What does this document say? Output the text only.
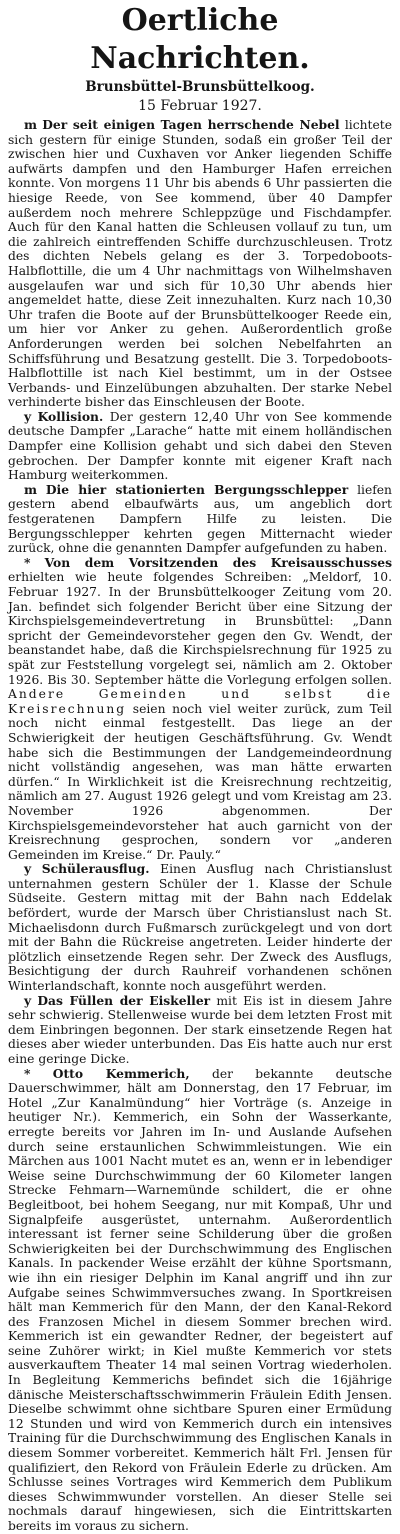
Oertliche Nachrichten.
Brunsbüttel-Brunsbüttelkoog.
15 Februar 1927.

m Der seit einigen Tagen herrschende Nebel lichtete sich gestern für einige Stunden, sodaß ein großer Teil der zwischen hier und Cuxhaven vor Anker liegenden Schiffe aufwärts dampfen und den Hamburger Hafen erreichen konnte. Von morgens 11 Uhr bis abends 6 Uhr passierten die hiesige Reede, von See kommend, über 40 Dampfer außerdem noch mehrere Schleppzüge und Fischdampfer. Auch für den Kanal hatten die Schleusen vollauf zu tun, um die zahlreich eintreffenden Schiffe durchzuschleusen. Trotz des dichten Nebels gelang es der 3. Torpedoboots-Halbflottille, die um 4 Uhr nachmittags von Wilhelmshaven ausgelaufen war und sich für 10,30 Uhr abends hier angemeldet hatte, diese Zeit innezuhalten. Kurz nach 10,30 Uhr trafen die Boote auf der Brunsbüttelkooger Reede ein, um hier vor Anker zu gehen. Außerordentlich große Anforderungen werden bei solchen Nebelfahrten an Schiffsführung und Besatzung gestellt. Die 3. Torpedoboots-Halbflottille ist nach Kiel bestimmt, um in der Ostsee Verbands- und Einzelübungen abzuhalten. Der starke Nebel verhinderte bisher das Einschleusen der Boote.

y Kollision. Der gestern 12,40 Uhr von See kommende deutsche Dampfer „Larache“ hatte mit einem holländischen Dampfer eine Kollision gehabt und sich dabei den Steven gebrochen. Der Dampfer konnte mit eigener Kraft nach Hamburg weiterkommen.

m Die hier stationierten Bergungsschlepper liefen gestern abend elbaufwärts aus, um angeblich dort festgeratenen Dampfern Hilfe zu leisten. Die Bergungsschlepper kehrten gegen Mitternacht wieder zurück, ohne die genannten Dampfer aufgefunden zu haben.

* Von dem Vorsitzenden des Kreisausschusses erhielten wie heute folgendes Schreiben: „Meldorf, 10. Februar 1927. In der Brunsbüttelkooger Zeitung vom 20. Jan. befindet sich folgender Bericht über eine Sitzung der Kirchspielsgemeindevertretung in Brunsbüttel: „Dann spricht der Gemeindevorsteher gegen den Gv. Wendt, der beanstandet habe, daß die Kirchspielsrechnung für 1925 zu spät zur Feststellung vorgelegt sei, nämlich am 2. Oktober 1926. Bis 30. September hätte die Vorlegung erfolgen sollen. Andere Gemeinden und selbst die Kreisrechnung seien noch viel weiter zurück, zum Teil noch nicht einmal festgestellt. Das liege an der Schwierigkeit der heutigen Geschäftsführung. Gv. Wendt habe sich die Bestimmungen der Landgemeindeordnung nicht vollständig angesehen, was man hätte erwarten dürfen.“ In Wirklichkeit ist die Kreisrechnung rechtzeitig, nämlich am 27. August 1926 gelegt und vom Kreistag am 23. November 1926 abgenommen. Der Kirchspielsgemeindevorsteher hat auch garnicht von der Kreisrechnung gesprochen, sondern vor „anderen Gemeinden im Kreise.“ Dr. Pauly.“

y Schülerausflug. Einen Ausflug nach Christianslust unternahmen gestern Schüler der 1. Klasse der Schule Südseite. Gestern mittag mit der Bahn nach Eddelak befördert, wurde der Marsch über Christianslust nach St. Michaelisdonn durch Fußmarsch zurückgelegt und von dort mit der Bahn die Rückreise angetreten. Leider hinderte der plötzlich einsetzende Regen sehr. Der Zweck des Ausflugs, Besichtigung der durch Rauhreif vorhandenen schönen Winterlandschaft, konnte noch ausgeführt werden.

y Das Füllen der Eiskeller mit Eis ist in diesem Jahre sehr schwierig. Stellenweise wurde bei dem letzten Frost mit dem Einbringen begonnen. Der stark einsetzende Regen hat dieses aber wieder unterbunden. Das Eis hatte auch nur erst eine geringe Dicke.

* Otto Kemmerich, der bekannte deutsche Dauerschwimmer, hält am Donnerstag, den 17 Februar, im Hotel „Zur Kanalmündung“ hier Vorträge (s. Anzeige in heutiger Nr.). Kemmerich, ein Sohn der Wasserkante, erregte bereits vor Jahren im In- und Auslande Aufsehen durch seine erstaunlichen Schwimmleistungen. Wie ein Märchen aus 1001 Nacht mutet es an, wenn er in lebendiger Weise seine Durchschwimmung der 60 Kilometer langen Strecke Fehmarn—Warnemünde schildert, die er ohne Begleitboot, bei hohem Seegang, nur mit Kompaß, Uhr und Signalpfeife ausgerüstet, unternahm. Außerordentlich interessant ist ferner seine Schilderung über die großen Schwierigkeiten bei der Durchschwimmung des Englischen Kanals. In packender Weise erzählt der kühne Sportsmann, wie ihn ein riesiger Delphin im Kanal angriff und ihn zur Aufgabe seines Schwimmversuches zwang. In Sportkreisen hält man Kemmerich für den Mann, der den Kanal-Rekord des Franzosen Michel in diesem Sommer brechen wird. Kemmerich ist ein gewandter Redner, der begeistert auf seine Zuhörer wirkt; in Kiel mußte Kemmerich vor stets ausverkauftem Theater 14 mal seinen Vortrag wiederholen. In Begleitung Kemmerichs befindet sich die 16jährige dänische Meisterschaftsschwimmerin Fräulein Edith Jensen. Dieselbe schwimmt ohne sichtbare Spuren einer Ermüdung 12 Stunden und wird von Kemmerich durch ein intensives Training für die Durchschwimmung des Englischen Kanals in diesem Sommer vorbereitet. Kemmerich hält Frl. Jensen für qualifiziert, den Rekord von Fräulein Ederle zu drücken. Am Schlusse seines Vortrages wird Kemmerich dem Publikum dieses Schwimmwunder vorstellen. An dieser Stelle sei nochmals darauf hingewiesen, sich die Eintrittskarten bereits im voraus zu sichern.
